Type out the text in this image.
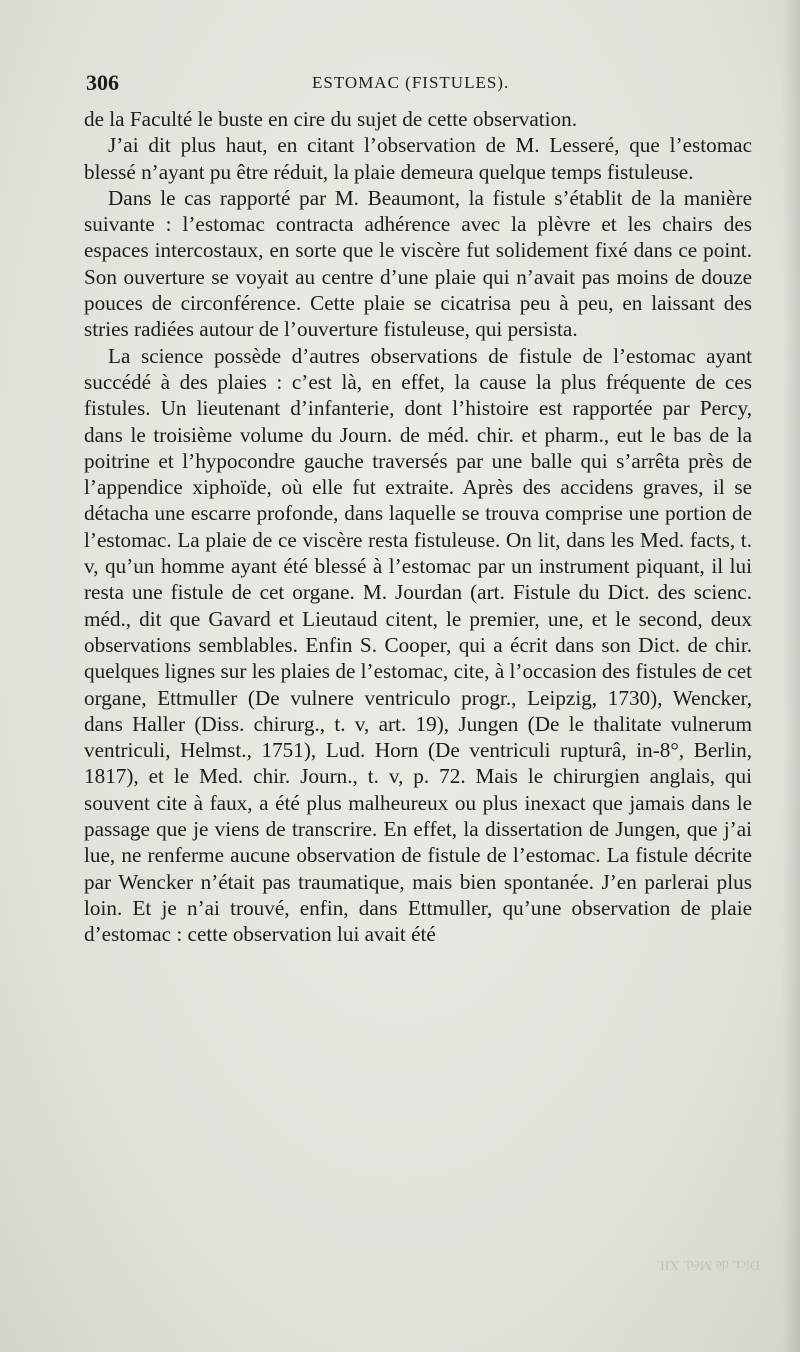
306	ESTOMAC (FISTULES).

de la Faculté le buste en cire du sujet de cette observation.

J’ai dit plus haut, en citant l’observation de M. Lesseré, que l’estomac blessé n’ayant pu être réduit, la plaie demeura quelque temps fistuleuse.

Dans le cas rapporté par M. Beaumont, la fistule s’établit de la manière suivante : l’estomac contracta adhérence avec la plèvre et les chairs des espaces intercostaux, en sorte que le viscère fut solidement fixé dans ce point. Son ouverture se voyait au centre d’une plaie qui n’avait pas moins de douze pouces de circonférence. Cette plaie se cicatrisa peu à peu, en laissant des stries radiées autour de l’ouverture fistuleuse, qui persista.

La science possède d’autres observations de fistule de l’estomac ayant succédé à des plaies : c’est là, en effet, la cause la plus fréquente de ces fistules. Un lieutenant d’infanterie, dont l’histoire est rapportée par Percy, dans le troisième volume du Journ. de méd. chir. et pharm., eut le bas de la poitrine et l’hypocondre gauche traversés par une balle qui s’arrêta près de l’appendice xiphoïde, où elle fut extraite. Après des accidens graves, il se détacha une escarre profonde, dans laquelle se trouva comprise une portion de l’estomac. La plaie de ce viscère resta fistuleuse. On lit, dans les Med. facts, t. v, qu’un homme ayant été blessé à l’estomac par un instrument piquant, il lui resta une fistule de cet organe. M. Jourdan (art. Fistule du Dict. des scienc. méd., dit que Gavard et Lieutaud citent, le premier, une, et le second, deux observations semblables. Enfin S. Cooper, qui a écrit dans son Dict. de chir. quelques lignes sur les plaies de l’estomac, cite, à l’occasion des fistules de cet organe, Ettmuller (De vulnere ventriculo progr., Leipzig, 1730), Wencker, dans Haller (Diss. chirurg., t. v, art. 19), Jungen (De le thalitate vulnerum ventriculi, Helmst., 1751), Lud. Horn (De ventriculi rupturâ, in-8°, Berlin, 1817), et le Med. chir. Journ., t. v, p. 72. Mais le chirurgien anglais, qui souvent cite à faux, a été plus malheureux ou plus inexact que jamais dans le passage que je viens de transcrire. En effet, la dissertation de Jungen, que j’ai lue, ne renferme aucune observation de fistule de l’estomac. La fistule décrite par Wencker n’était pas traumatique, mais bien spontanée. J’en parlerai plus loin. Et je n’ai trouvé, enfin, dans Ettmuller, qu’une observation de plaie d’estomac : cette observation lui avait été

Dict. de Méd. XII.
